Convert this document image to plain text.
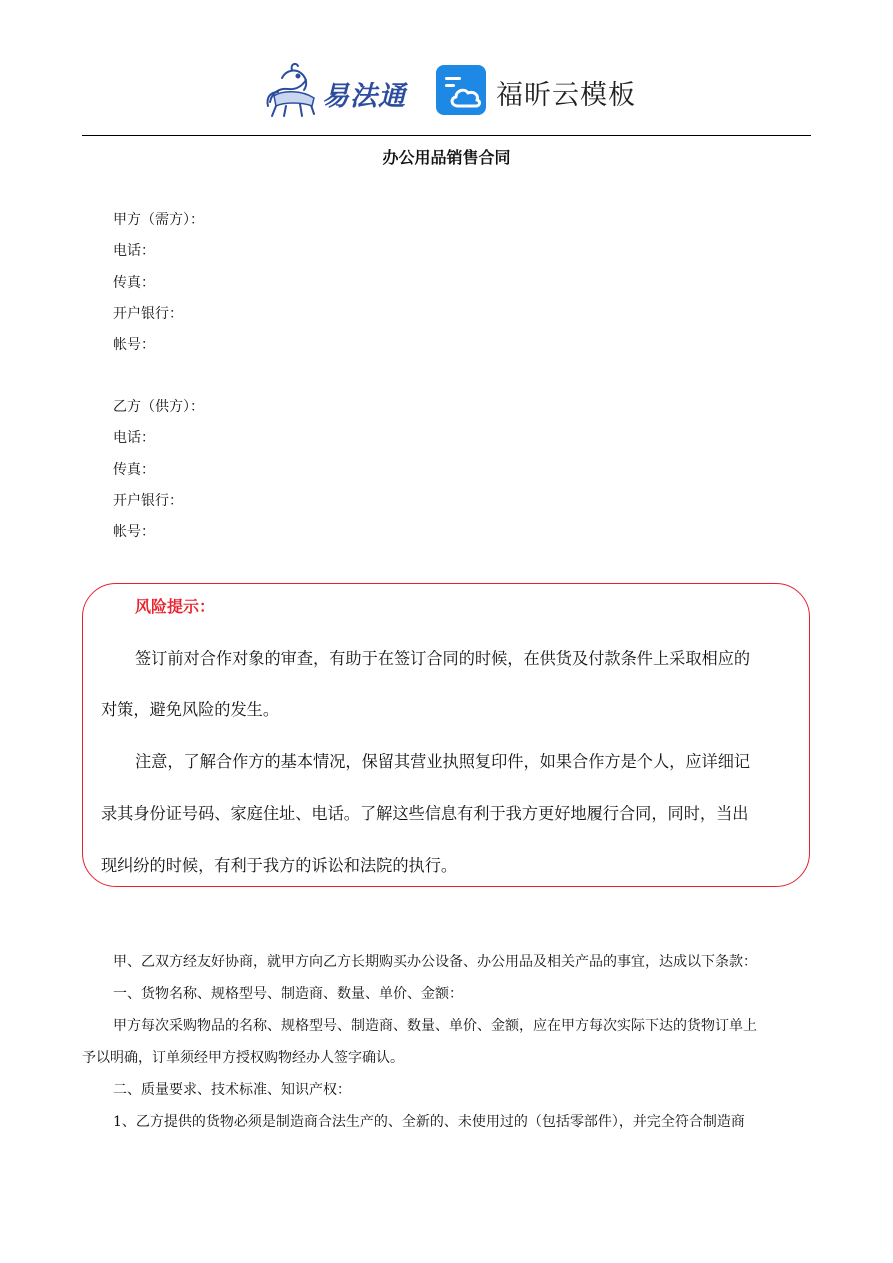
易法通	福昕云模板
办公用品销售合同
甲方（需方）：
电话：
传真：
开户银行：
帐号：
乙方（供方）：
电话：
传真：
开户银行：
帐号：
风险提示：
签订前对合作对象的审查，有助于在签订合同的时候，在供货及付款条件上采取相应的
对策，避免风险的发生。
注意，了解合作方的基本情况，保留其营业执照复印件，如果合作方是个人，应详细记
录其身份证号码、家庭住址、电话。了解这些信息有利于我方更好地履行合同，同时，当出
现纠纷的时候，有利于我方的诉讼和法院的执行。
甲、乙双方经友好协商，就甲方向乙方长期购买办公设备、办公用品及相关产品的事宜，达成以下条款：
一、货物名称、规格型号、制造商、数量、单价、金额：
甲方每次采购物品的名称、规格型号、制造商、数量、单价、金额，应在甲方每次实际下达的货物订单上
予以明确，订单须经甲方授权购物经办人签字确认。
二、质量要求、技术标准、知识产权：
1、乙方提供的货物必须是制造商合法生产的、全新的、未使用过的（包括零部件），并完全符合制造商
